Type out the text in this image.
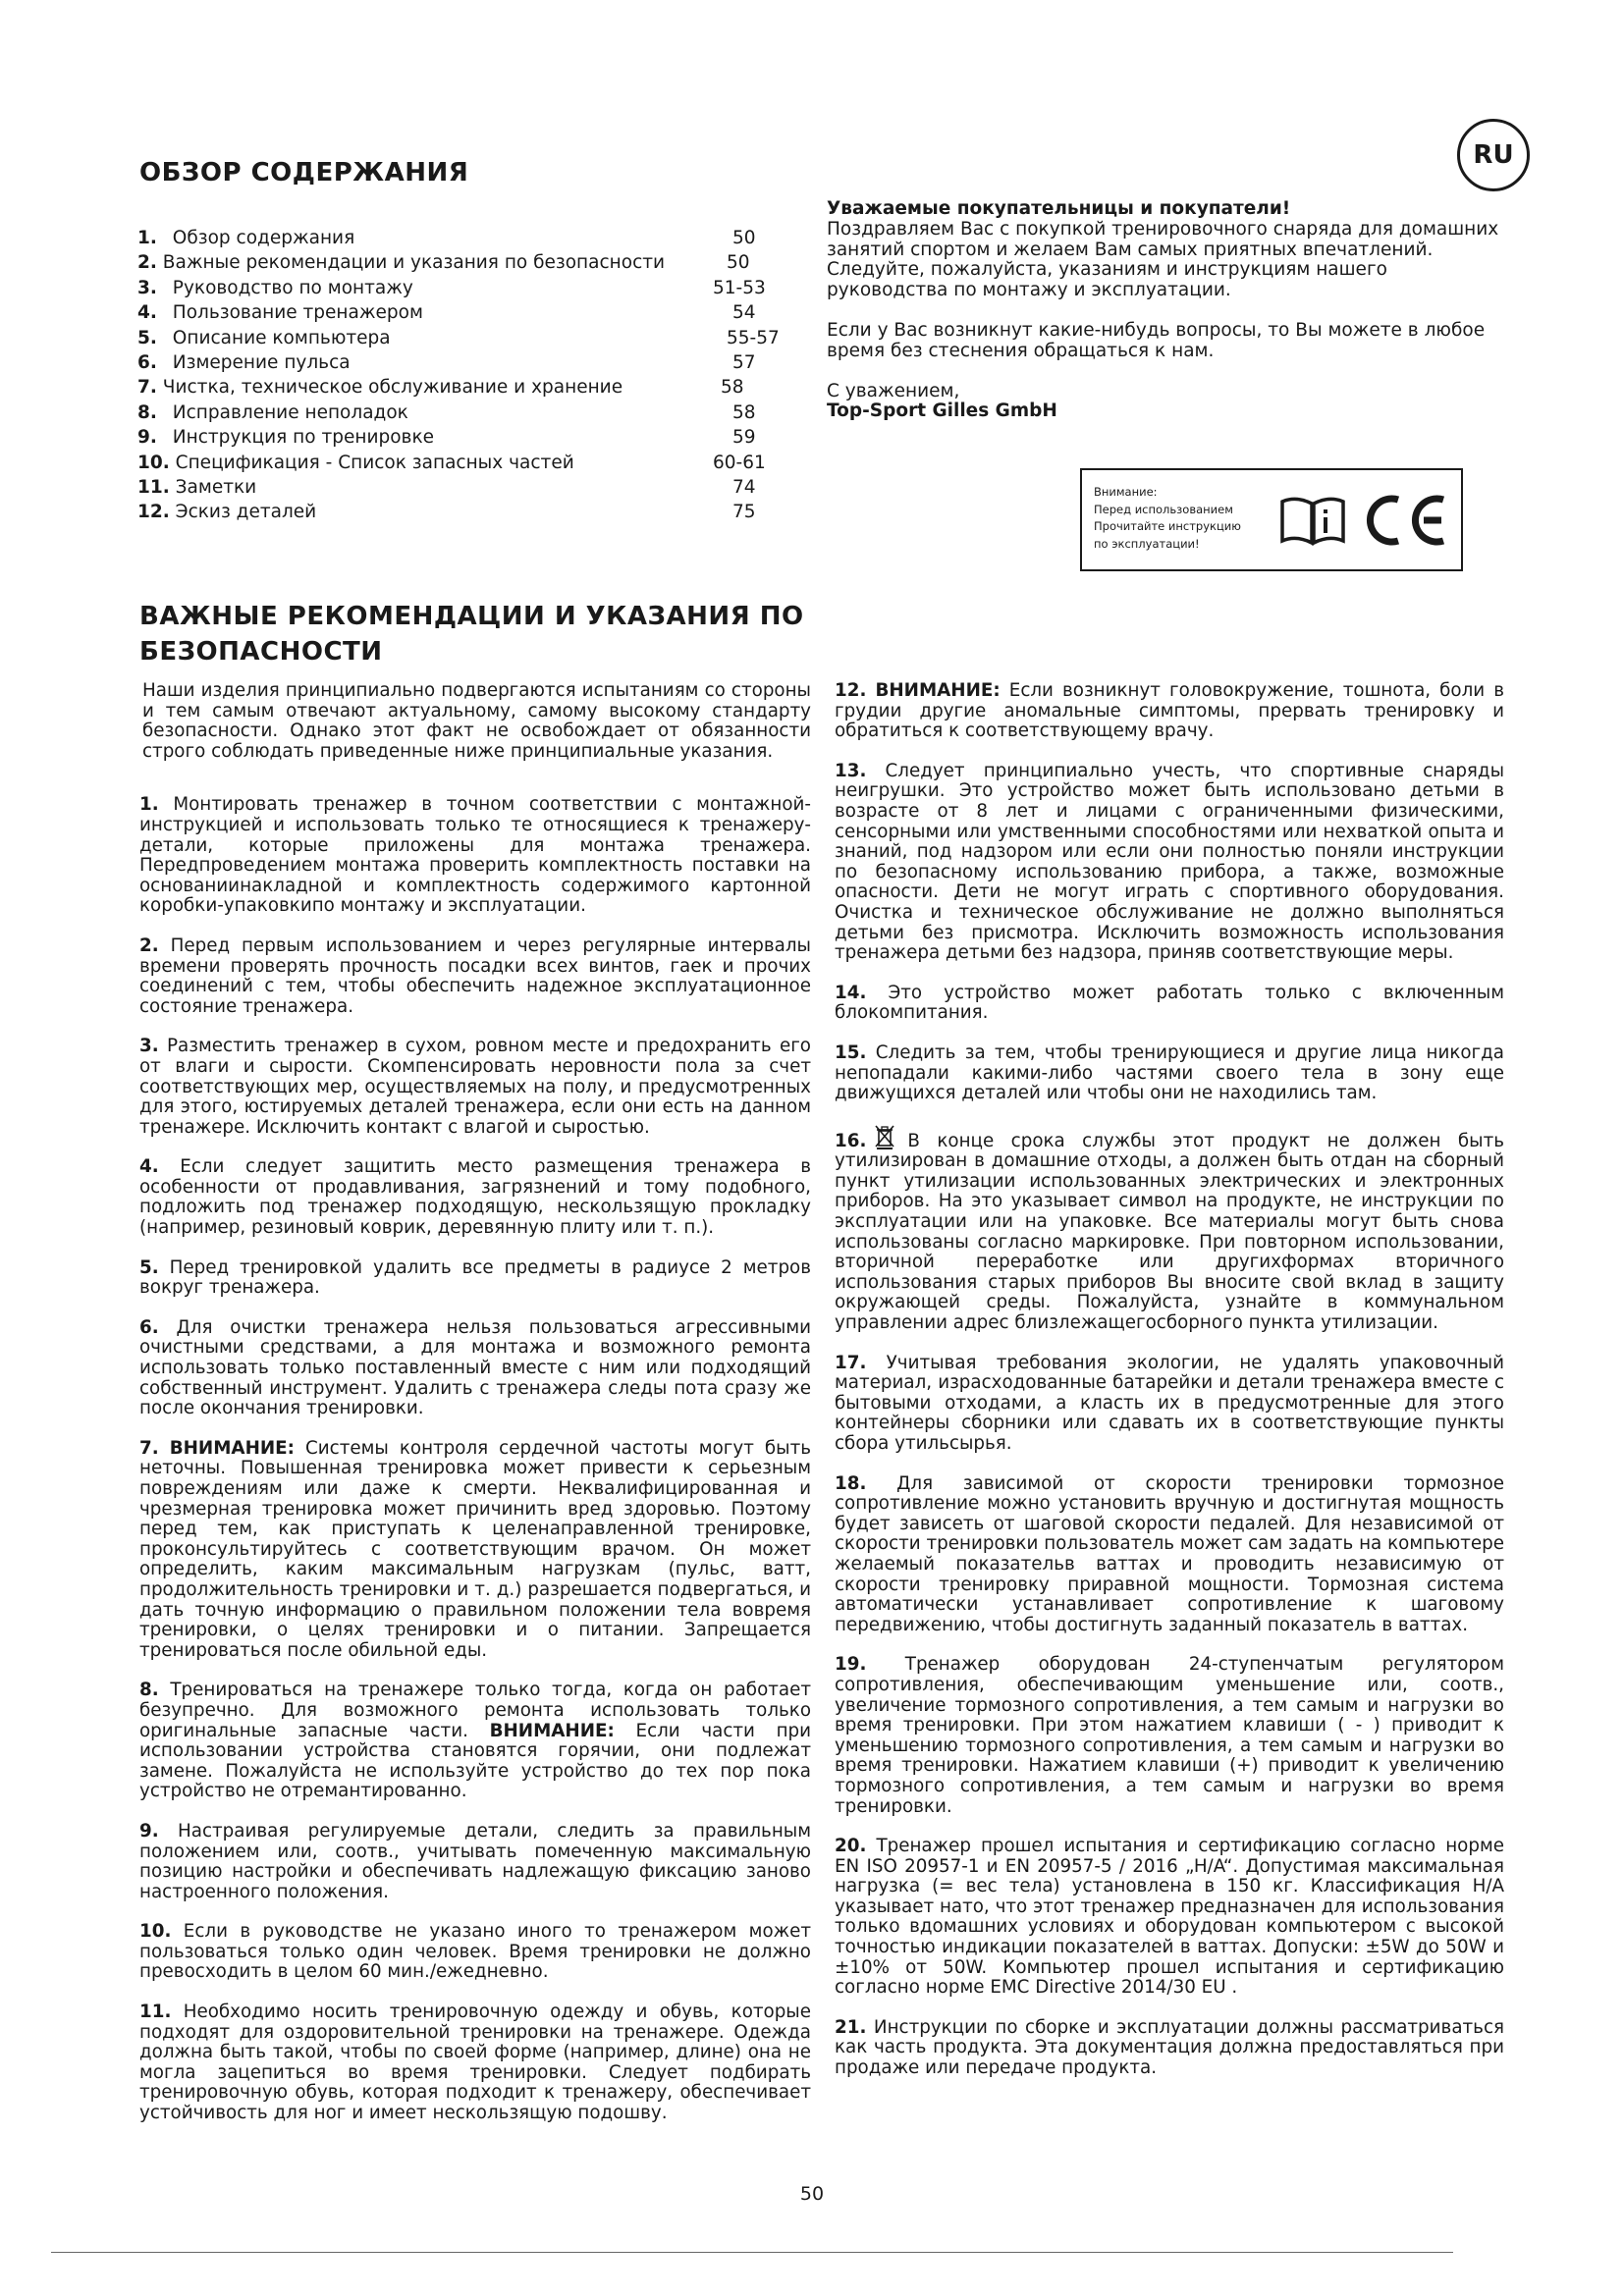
RU
ОБЗОР СОДЕРЖАНИЯ
1. Обзор содержания	50
2. Важные рекомендации и указания по безопасности	50
3. Руководство по монтажу	51-53
4. Пользование тренажером	54
5. Описание компьютера	55-57
6. Измерение пульса	57
7. Чистка, техническое обслуживание и хранение	58
8. Исправление неполадок	58
9. Инструкция по тренировке	59
10. Спецификация - Список запасных частей	60-61
11. Заметки	74
12. Эскиз деталей	75
Уважаемые покупательницы и покупатели!

Поздравляем Вас с покупкой тренировочного снаряда для домашних занятий спортом и желаем Вам самых приятных впечатлений. Следуйте, пожалуйста, указаниям и инструкциям нашего руководства по монтажу и эксплуатации.

Если у Вас возникнут какие-нибудь вопросы, то Вы можете в любое время без стеснения обращаться к нам.

С уважением,
Top-Sport Gilles GmbH
Внимание:
Перед использованием
Прочитайте инструкцию
по эксплуатации!
ВАЖНЫЕ РЕКОМЕНДАЦИИ И УКАЗАНИЯ ПО
БЕЗОПАСНОСТИ

Наши изделия принципиально подвергаются испытаниям со стороны и тем самым отвечают актуальному, самому высокому стандарту безопасности. Однако этот факт не освобождает от обязанности строго соблюдать приведенные ниже принципиальные указания.

1. Монтировать тренажер в точном соответствии с монтажной-инструкцией и использовать только те относящиеся к тренажеру-детали, которые приложены для монтажа тренажера. Передпроведением монтажа проверить комплектность поставки на основаниинакладной и комплектность содержимого картонной коробки-упаковкипо монтажу и эксплуатации.

2. Перед первым использованием и через регулярные интервалы времени проверять прочность посадки всех винтов, гаек и прочих соединений с тем, чтобы обеспечить надежное эксплуатационное состояние тренажера.

3. Разместить тренажер в сухом, ровном месте и предохранить его от влаги и сырости. Скомпенсировать неровности пола за счет соответствующих мер, осуществляемых на полу, и предусмотренных для этого, юстируемых деталей тренажера, если они есть на данном тренажере. Исключить контакт с влагой и сыростью.

4. Если следует защитить место размещения тренажера в особенности от продавливания, загрязнений и тому подобного, подложить под тренажер подходящую, нескользящую прокладку (например, резиновый коврик, деревянную плиту или т. п.).

5. Перед тренировкой удалить все предметы в радиусе 2 метров вокруг тренажера.

6. Для очистки тренажера нельзя пользоваться агрессивными очистными средствами, а для монтажа и возможного ремонта использовать только поставленный вместе с ним или подходящий собственный инструмент. Удалить с тренажера следы пота сразу же после окончания тренировки.

7. ВНИМАНИЕ: Системы контроля сердечной частоты могут быть неточны. Повышенная тренировка может привести к серьезным повреждениям или даже к смерти. Неквалифицированная и чрезмерная тренировка может причинить вред здоровью. Поэтому перед тем, как приступать к целенаправленной тренировке, проконсультируйтесь с соответствующим врачом. Он может определить, каким максимальным нагрузкам (пульс, ватт, продолжительность тренировки и т. д.) разрешается подвергаться, и дать точную информацию о правильном положении тела вовремя тренировки, о целях тренировки и о питании. Запрещается тренироваться после обильной еды.

8. Тренироваться на тренажере только тогда, когда он работает безупречно. Для возможного ремонта использовать только оригинальные запасные части. ВНИМАНИЕ: Если части при использовании устройства становятся горячии, они подлежат замене. Пожалуйста не используйте устройство до тех пор пока устройство не отремантированно.

9. Настраивая регулируемые детали, следить за правильным положением или, соотв., учитывать помеченную максимальную позицию настройки и обеспечивать надлежащую фиксацию заново настроенного положения.

10. Если в руководстве не указано иного то тренажером может пользоваться только один человек. Время тренировки не должно превосходить в целом 60 мин./ежедневно.

11. Необходимо носить тренировочную одежду и обувь, которые подходят для оздоровительной тренировки на тренажере. Одежда должна быть такой, чтобы по своей форме (например, длине) она не могла зацепиться во время тренировки. Следует подбирать тренировочную обувь, которая подходит к тренажеру, обеспечивает устойчивость для ног и имеет нескользящую подошву.

12. ВНИМАНИЕ: Если возникнут головокружение, тошнота, боли в грудии другие аномальные симптомы, прервать тренировку и обратиться к соответствующему врачу.

13. Следует принципиально учесть, что спортивные снаряды неигрушки. Это устройство может быть использовано детьми в возрасте от 8 лет и лицами с ограниченными физическими, сенсорными или умственными способностями или нехваткой опыта и знаний, под надзором или если они полностью поняли инструкции по безопасному использованию прибора, а также, возможные опасности. Дети не могут играть с спортивного оборудования. Очистка и техническое обслуживание не должно выполняться детьми без присмотра. Исключить возможность использования тренажера детьми без надзора, приняв соответствующие меры.

14. Это устройство может работать только с включенным блокомпитания.

15. Следить за тем, чтобы тренирующиеся и другие лица никогда непопадали какими-либо частями своего тела в зону еще движущихся деталей или чтобы они не находились там.

16. В конце срока службы этот продукт не должен быть утилизирован в домашние отходы, а должен быть отдан на сборный пункт утилизации использованных электрических и электронных приборов. На это указывает символ на продукте, не инструкции по эксплуатации или на упаковке. Все материалы могут быть снова использованы согласно маркировке. При повторном использовании, вторичной переработке или другихформах вторичного использования старых приборов Вы вносите свой вклад в защиту окружающей среды. Пожалуйста, узнайте в коммунальном управлении адрес близлежащегосборного пункта утилизации.

17. Учитывая требования экологии, не удалять упаковочный материал, израсходованные батарейки и детали тренажера вместе с бытовыми отходами, а класть их в предусмотренные для этого контейнеры сборники или сдавать их в соответствующие пункты сбора утильсырья.

18. Для зависимой от скорости тренировки тормозное сопротивление можно установить вручную и достигнутая мощность будет зависеть от шаговой скорости педалей. Для независимой от скорости тренировки пользователь может сам задать на компьютере желаемый показательв ваттах и проводить независимую от скорости тренировку приравной мощности. Тормозная система автоматически устанавливает сопротивление к шаговому передвижению, чтобы достигнуть заданный показатель в ваттах.

19. Тренажер оборудован 24-ступенчатым регулятором сопротивления, обеспечивающим уменьшение или, соотв., увеличение тормозного сопротивления, а тем самым и нагрузки во время тренировки. При этом нажатием клавиши ( - ) приводит к уменьшению тормозного сопротивления, а тем самым и нагрузки во время тренировки. Нажатием клавиши (+) приводит к увеличению тормозного сопротивления, а тем самым и нагрузки во время тренировки.

20. Тренажер прошел испытания и сертификацию согласно норме EN ISO 20957-1 и EN 20957-5 / 2016 „H/A“. Допустимая максимальная нагрузка (= вес тела) установлена в 150 кг. Классификация H/A указывает нато, что этот тренажер предназначен для использования только вдомашних условиях и оборудован компьютером с высокой точностью индикации показателей в ваттах. Допуски: ±5W до 50W и ±10% от 50W. Компьютер прошел испытания и сертификацию согласно норме EMC Directive 2014/30 EU .

21. Инструкции по сборке и эксплуатации должны рассматриваться как часть продукта. Эта документация должна предоставляться при продаже или передаче продукта.

50
